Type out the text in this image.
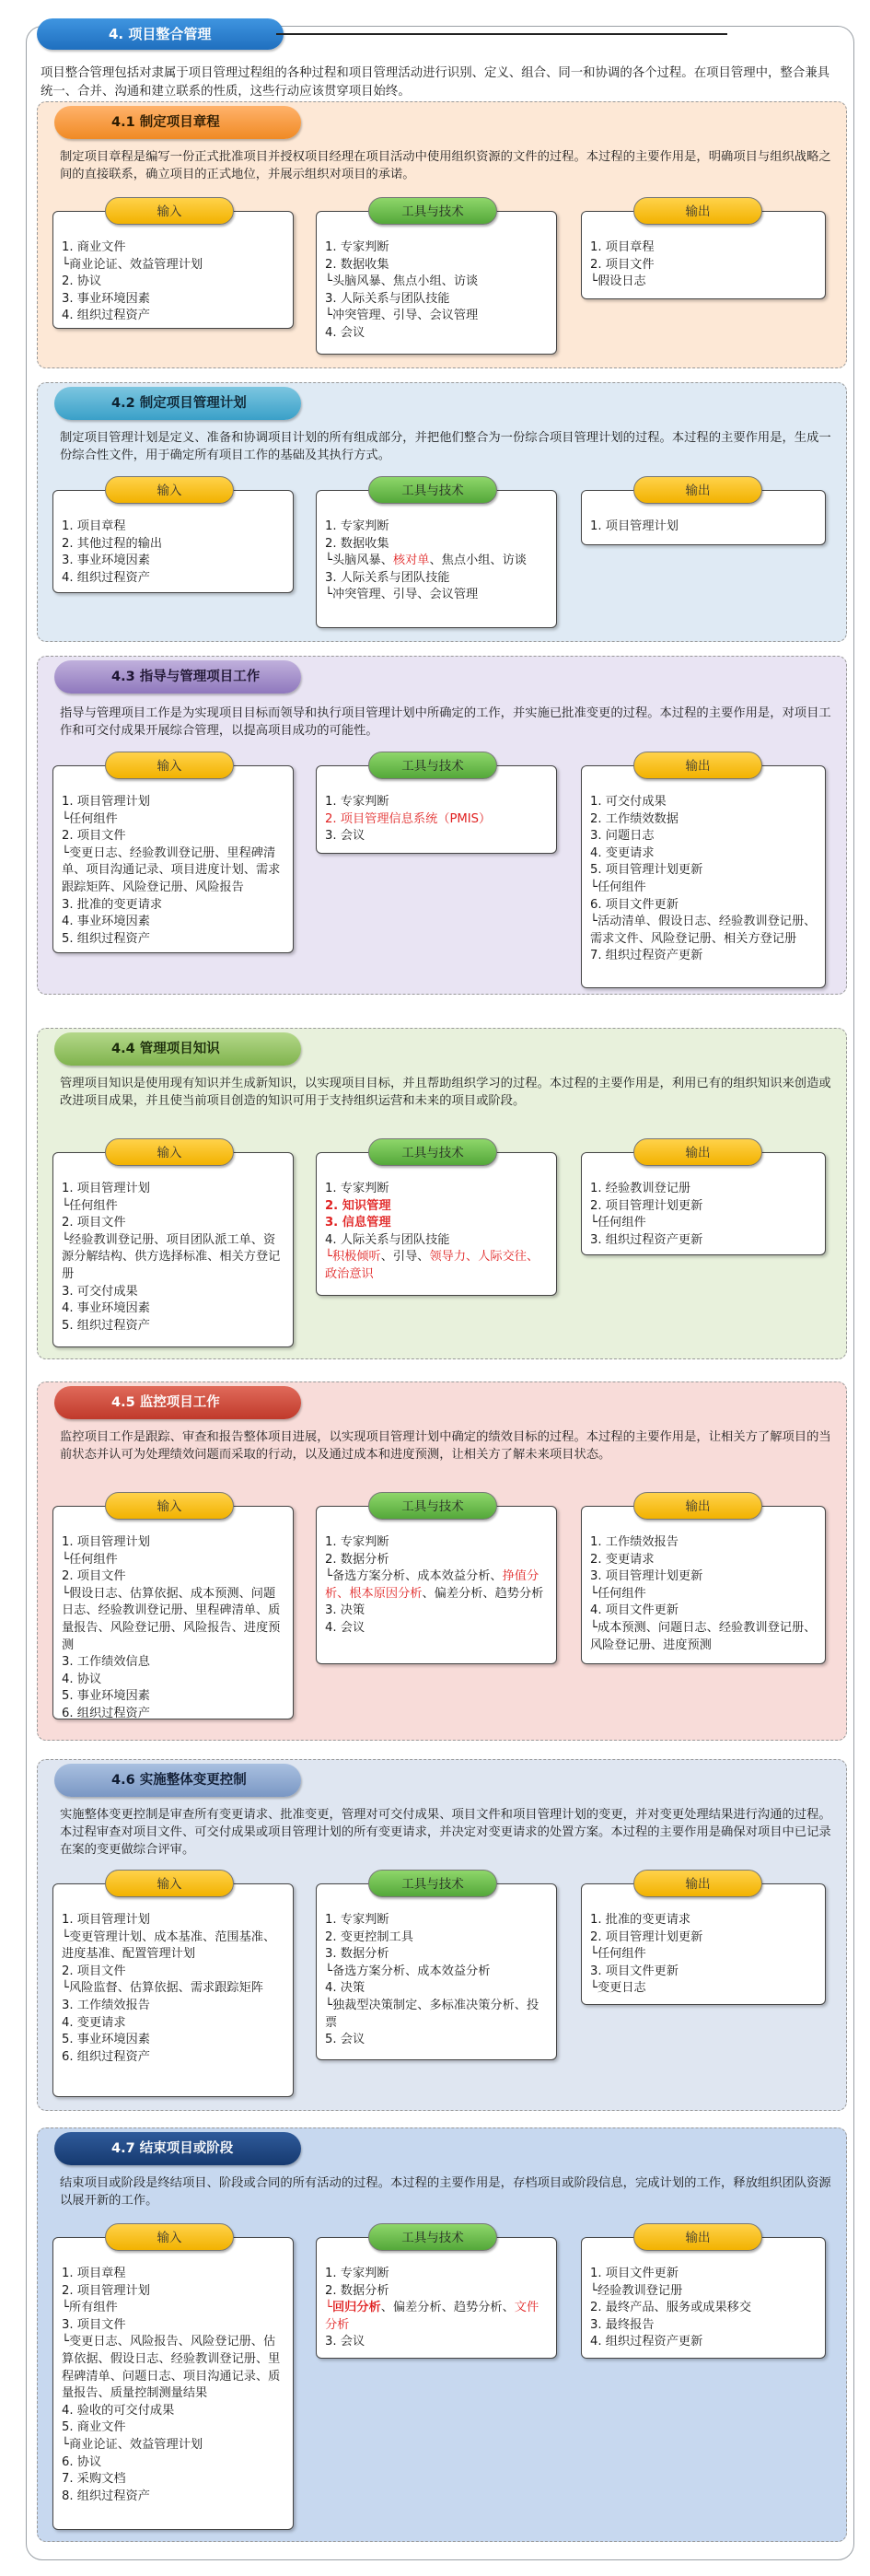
4. 项目整合管理
项目整合管理包括对隶属于项目管理过程组的各种过程和项目管理活动进行识别、定义、组合、同一和协调的各个过程。在项目管理中，整合兼具统一、合并、沟通和建立联系的性质，这些行动应该贯穿项目始终。
4.1 制定项目章程
制定项目章程是编写一份正式批准项目并授权项目经理在项目活动中使用组织资源的文件的过程。本过程的主要作用是，明确项目与组织战略之间的直接联系，确立项目的正式地位，并展示组织对项目的承诺。
输入
1. 商业文件
└商业论证、效益管理计划
2. 协议
3. 事业环境因素
4. 组织过程资产
工具与技术
1. 专家判断
2. 数据收集
└头脑风暴、焦点小组、访谈
3. 人际关系与团队技能
└冲突管理、引导、会议管理
4. 会议
输出
1. 项目章程
2. 项目文件
└假设日志
4.2 制定项目管理计划
制定项目管理计划是定义、准备和协调项目计划的所有组成部分，并把他们整合为一份综合项目管理计划的过程。本过程的主要作用是，生成一份综合性文件，用于确定所有项目工作的基础及其执行方式。
输入
1. 项目章程
2. 其他过程的输出
3. 事业环境因素
4. 组织过程资产
工具与技术
1. 专家判断
2. 数据收集
└头脑风暴、核对单、焦点小组、访谈
3. 人际关系与团队技能
└冲突管理、引导、会议管理
输出
1. 项目管理计划
4.3 指导与管理项目工作
指导与管理项目工作是为实现项目目标而领导和执行项目管理计划中所确定的工作，并实施已批准变更的过程。本过程的主要作用是，对项目工作和可交付成果开展综合管理，以提高项目成功的可能性。
输入
1. 项目管理计划
└任何组件
2. 项目文件
└变更日志、经验教训登记册、里程碑清单、项目沟通记录、项目进度计划、需求跟踪矩阵、风险登记册、风险报告
3. 批准的变更请求
4. 事业环境因素
5. 组织过程资产
工具与技术
1. 专家判断
2. 项目管理信息系统（PMIS）
3. 会议
输出
1. 可交付成果
2. 工作绩效数据
3. 问题日志
4. 变更请求
5. 项目管理计划更新
└任何组件
6. 项目文件更新
└活动清单、假设日志、经验教训登记册、需求文件、风险登记册、相关方登记册
7. 组织过程资产更新
4.4 管理项目知识
管理项目知识是使用现有知识并生成新知识，以实现项目目标，并且帮助组织学习的过程。本过程的主要作用是，利用已有的组织知识来创造或改进项目成果，并且使当前项目创造的知识可用于支持组织运营和未来的项目或阶段。
输入
1. 项目管理计划
└任何组件
2. 项目文件
└经验教训登记册、项目团队派工单、资源分解结构、供方选择标准、相关方登记册
3. 可交付成果
4. 事业环境因素
5. 组织过程资产
工具与技术
1. 专家判断
2. 知识管理
3. 信息管理
4. 人际关系与团队技能
└积极倾听、引导、领导力、人际交往、政治意识
输出
1. 经验教训登记册
2. 项目管理计划更新
└任何组件
3. 组织过程资产更新
4.5 监控项目工作
监控项目工作是跟踪、审查和报告整体项目进展，以实现项目管理计划中确定的绩效目标的过程。本过程的主要作用是，让相关方了解项目的当前状态并认可为处理绩效问题而采取的行动，以及通过成本和进度预测，让相关方了解未来项目状态。
输入
1. 项目管理计划
└任何组件
2. 项目文件
└假设日志、估算依据、成本预测、问题日志、经验教训登记册、里程碑清单、质量报告、风险登记册、风险报告、进度预测
3. 工作绩效信息
4. 协议
5. 事业环境因素
6. 组织过程资产
工具与技术
1. 专家判断
2. 数据分析
└备选方案分析、成本效益分析、挣值分析、根本原因分析、偏差分析、趋势分析
3. 决策
4. 会议
输出
1. 工作绩效报告
2. 变更请求
3. 项目管理计划更新
└任何组件
4. 项目文件更新
└成本预测、问题日志、经验教训登记册、风险登记册、进度预测
4.6 实施整体变更控制
实施整体变更控制是审查所有变更请求、批准变更，管理对可交付成果、项目文件和项目管理计划的变更，并对变更处理结果进行沟通的过程。本过程审查对项目文件、可交付成果或项目管理计划的所有变更请求，并决定对变更请求的处置方案。本过程的主要作用是确保对项目中已记录在案的变更做综合评审。
输入
1. 项目管理计划
└变更管理计划、成本基准、范围基准、进度基准、配置管理计划
2. 项目文件
└风险监督、估算依据、需求跟踪矩阵
3. 工作绩效报告
4. 变更请求
5. 事业环境因素
6. 组织过程资产
工具与技术
1. 专家判断
2. 变更控制工具
3. 数据分析
└备选方案分析、成本效益分析
4. 决策
└独裁型决策制定、多标准决策分析、投票
5. 会议
输出
1. 批准的变更请求
2. 项目管理计划更新
└任何组件
3. 项目文件更新
└变更日志
4.7 结束项目或阶段
结束项目或阶段是终结项目、阶段或合同的所有活动的过程。本过程的主要作用是，存档项目或阶段信息，完成计划的工作，释放组织团队资源以展开新的工作。
输入
1. 项目章程
2. 项目管理计划
└所有组件
3. 项目文件
└变更日志、风险报告、风险登记册、估算依据、假设日志、经验教训登记册、里程碑清单、问题日志、项目沟通记录、质量报告、质量控制测量结果
4. 验收的可交付成果
5. 商业文件
└商业论证、效益管理计划
6. 协议
7. 采购文档
8. 组织过程资产
工具与技术
1. 专家判断
2. 数据分析
└回归分析、偏差分析、趋势分析、文件分析
3. 会议
输出
1. 项目文件更新
└经验教训登记册
2. 最终产品、服务或成果移交
3. 最终报告
4. 组织过程资产更新
